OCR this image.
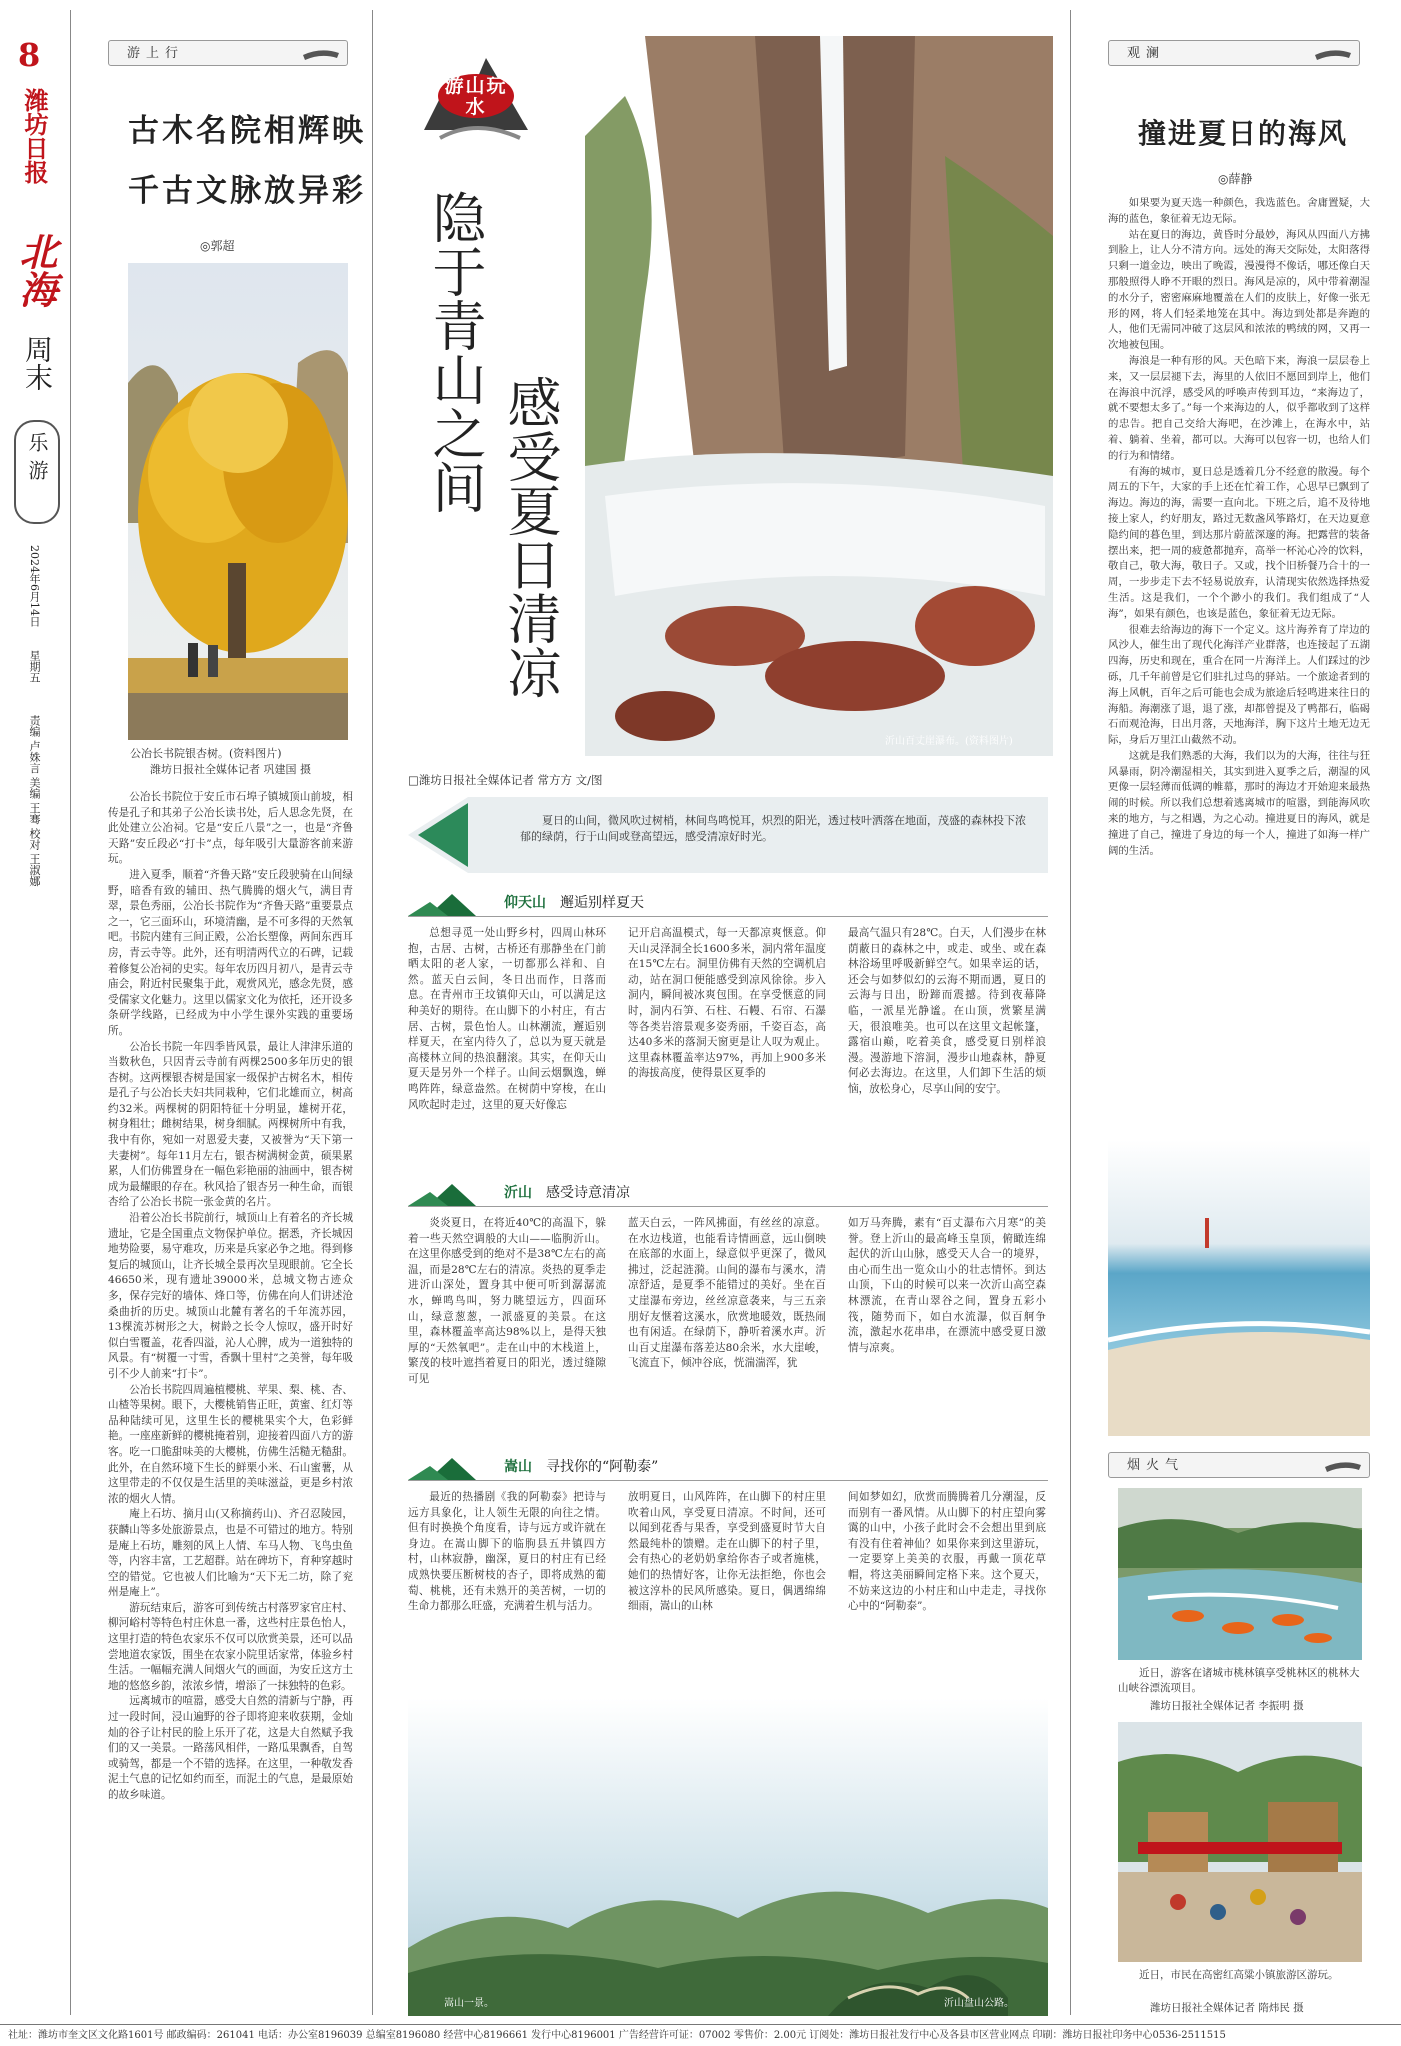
8
潍坊日报
北海
周末
乐游
2024年6月14日
星期五
责编 卢姝言 美编 王骞 校对 王淑娜
游上行
古木名院相辉映
千古文脉放异彩
◎郭超
公冶长书院银杏树。(资料图片)
潍坊日报社全媒体记者 巩建国 摄

公冶长书院位于安丘市石埠子镇城顶山前坡，相传是孔子和其弟子公冶长读书处，后人思念先贤，在此处建立公冶祠。它是“安丘八景”之一，也是“齐鲁天路”安丘段必“打卡”点，每年吸引大量游客前来游玩。

进入夏季，顺着“齐鲁天路”安丘段驶骑在山间绿野，暗香有致的辅田、热气腾腾的烟火气，满目青翠，景色秀丽，公冶长书院作为“齐鲁天路”重要景点之一，它三面环山，环境清幽，是不可多得的天然氧吧。书院内建有三间正殿，公冶长塑像，两间东西耳房，青云寺等。此外，还有明清两代立的石碑，记载着修复公冶祠的史实。每年农历四月初八，是青云寺庙会，附近村民聚集于此，观赏风光，感念先贤，感受儒家文化魅力。这里以儒家文化为依托，还开设多条研学线路，已经成为中小学生课外实践的重要场所。

公冶长书院一年四季皆风景，最让人津津乐道的当数秋色，只因青云寺前有两棵2500多年历史的银杏树。这两棵银杏树是国家一级保护古树名木，相传是孔子与公冶长夫妇共同栽种，它们北雄而立，树高约32米。两棵树的阴阳特征十分明显，雄树开花，树身粗壮；雌树结果，树身细腻。两棵树所中有我，我中有你，宛如一对恩爱夫妻，又被誉为“天下第一夫妻树”。每年11月左右，银杏树满树金黄，硕果累累，人们仿佛置身在一幅色彩艳丽的油画中，银杏树成为最耀眼的存在。秋风拾了银杏另一种生命，而银杏给了公冶长书院一张金黄的名片。

沿着公冶长书院前行，城顶山上有着名的齐长城遗址，它是全国重点文物保护单位。据悉，齐长城因地势险要，易守难攻，历来是兵家必争之地。得到修复后的城顶山，让齐长城全景再次呈现眼前。它全长46650米，现有遗址39000米，总城文物古迹众多，保存完好的墙体、烽口等，仿佛在向人们讲述沧桑曲折的历史。城顶山北麓有著名的千年流苏园，13棵流苏树形之大，树龄之长令人惊叹，盛开时好似白雪覆盖，花香四溢，沁人心脾，成为一道独特的风景。有“树覆一寸雪，香飘十里村”之美誉，每年吸引不少人前来“打卡”。

公冶长书院四周遍植樱桃、苹果、梨、桃、杏、山楂等果树。眼下，大樱桃销售正旺，黄蜜、红灯等品种陆续可见，这里生长的樱桃果实个大，色彩鲜艳。一座座新鲜的樱桃掩着别，迎接着四面八方的游客。吃一口脆甜味美的大樱桃，仿佛生活糙无糙甜。此外，在自然环境下生长的鲜栗小米、石山蜜薯，从这里带走的不仅仅是生活里的美味滋益，更是乡村浓浓的烟火人情。

庵上石坊、摘月山(又称摘药山)、齐召忍陵园，获麟山等多处旅游景点，也是不可错过的地方。特别是庵上石坊，雕刻的风上人情、车马人物、飞鸟虫鱼等，内容丰富，工艺超群。站在碑坊下，育种穿越时空的错觉。它也被人们比喻为“天下无二坊，除了兖州是庵上”。

游玩结束后，游客可到传统古村落罗家官庄村、柳河峪村等特色村庄休息一番，这些村庄景色怡人，这里打造的特色农家乐不仅可以欣赏美景，还可以品尝地道农家饭，围坐在农家小院里话家常，体验乡村生活。一幅幅充满人间烟火气的画面，为安丘这方土地的悠悠乡韵，浓浓乡情，增添了一抹独特的色彩。

远离城市的喧嚣，感受大自然的清新与宁静，再过一段时间，浸山遍野的谷子即将迎来收获期，金灿灿的谷子让村民的脸上乐开了花，这是大自然赋予我们的又一美景。一路荡风相伴，一路瓜果飘香，自驾或骑驾，都是一个不错的选择。在这里，一种敬发香泥土气息的记忆如约而至，而泥土的气息，是最原始的故乡味道。

游山玩水
隐于青山之间
感受夏日清凉
沂山百丈崖瀑布。(资料图片)
□潍坊日报社全媒体记者 常方方 文/图
夏日的山间，微风吹过树梢，林间鸟鸣悦耳，炽烈的阳光，透过枝叶洒落在地面，茂盛的森林投下浓郁的绿荫，行于山间或登高望远，感受清凉好时光。
仰天山 邂逅别样夏天
总想寻觅一处山野乡村，四周山林环抱，古居、古树，古桥还有那静坐在门前晒太阳的老人家，一切都那么祥和、自然。蓝天白云间，冬日出而作，日落而息。在青州市王坟镇仰天山，可以满足这种美好的期待。在山脚下的小村庄，有古居、古树，景色怡人。山林潮流，邂逅别样夏天，在室内待久了，总以为夏天就是高楼林立间的热浪翻滚。其实，在仰天山夏天是另外一个样子。山间云烟飘逸，蝉鸣阵阵，绿意盎然。在树荫中穿梭，在山风吹起时走过，这里的夏天好像忘
记开启高温模式，每一天都凉爽惬意。仰天山灵泽洞全长1600多米，洞内常年温度在15℃左右。洞里仿佛有天然的空调机启动，站在洞口便能感受到凉风徐徐。步入洞内，瞬间被冰爽包围。在享受惬意的同时，洞内石笋、石柱、石幔、石帘、石瀑等各类岩溶景观多姿秀丽，千姿百态，高达40多米的落洞天窗更是让人叹为观止。这里森林覆盖率达97%，再加上900多米的海拔高度，使得景区夏季的
最高气温只有28℃。白天，人们漫步在林荫蔽日的森林之中，或走、或坐、或在森林浴场里呼吸新鲜空气。如果幸运的话，还会与如梦似幻的云海不期而遇，夏日的云海与日出，盼蹄而震撼。待到夜幕降临，一派星光静谧。在山顶，赏繁星满天，很浪唯美。也可以在这里文起帐篷，露宿山巅，吃着美食，感受夏日别样浪漫。漫游地下溶洞，漫步山地森林，静夏何必去海边。在这里，人们卸下生活的烦恼，放松身心，尽享山间的安宁。
沂山 感受诗意清凉
炎炎夏日，在将近40℃的高温下，躲着一些天然空调般的大山——临朐沂山。在这里你感受到的绝对不是38℃左右的高温，而是28℃左右的清凉。炎热的夏季走进沂山深处，置身其中便可听到潺潺流水，蝉鸣鸟叫，努力眺望远方，四面环山，绿意葱葱，一派盛夏的美景。在这里，森林覆盖率高达98%以上，是得天独厚的“天然氧吧”。走在山中的木栈道上，繁茂的枝叶遮挡着夏日的阳光，透过缝隙可见
蓝天白云，一阵风拂面，有丝丝的凉意。在水边栈道，也能看诗情画意，远山倒映在底部的水面上，绿意似乎更深了，微风拂过，泛起涟漪。山间的瀑布与溪水，清凉舒适，是夏季不能错过的美好。坐在百丈崖瀑布旁边，丝丝凉意袭来，与三五亲朋好友惬着这溪水，欣赏地暖效，既热闹也有闲适。在绿荫下，静听着溪水声。沂山百丈崖瀑布落差达80余米，水大崖峻，飞流直下，倾冲谷底，恍湍湍浑，犹
如万马奔腾，素有“百丈瀑布六月寒”的美誉。登上沂山的最高峰玉皇顶，俯瞰连绵起伏的沂山山脉，感受天人合一的境界，由心而生出一览众山小的壮志情怀。到达山顶，下山的时候可以来一次沂山高空森林漂流，在青山翠谷之间，置身五彩小筏，随势而下，如白水流瀑，似百舸争流，激起水花串串，在漂流中感受夏日激情与凉爽。
嵩山 寻找你的“阿勒泰”
最近的热播剧《我的阿勒泰》把诗与远方具象化，让人领生无限的向往之情。但有时换换个角度看，诗与远方或许就在身边。在嵩山脚下的临朐县五井镇四方村，山林寂静，幽深，夏日的村庄有已经成熟快要压断树枝的杏子，即将成熟的葡萄、桃桃，还有未熟开的美苦树，一切的生命力都那么旺盛，充满着生机与活力。
放明夏日，山风阵阵，在山脚下的村庄里吹着山风，享受夏日清凉。不时间，还可以闻到花香与果香，享受到盛夏时节大自然最纯朴的馈赠。走在山脚下的村子里，会有热心的老奶奶拿给你杏子或者施桃，她们的热情好客，让你无法拒绝，你也会被这淳朴的民风所感染。夏日，偶遇绵绵细雨，嵩山的山林
间如梦如幻，欣赏而腾腾着几分潮湿，反而别有一番风情。从山脚下的村庄望向雾霭的山中，小孩子此时会不会想出里到底有没有住着神仙？如果你来到这里游玩，一定要穿上美美的衣服，再戴一顶花草帽，将这美丽瞬间定格下来。这个夏天，不妨来这边的小村庄和山中走走，寻找你心中的“阿勒泰”。
嵩山一景。	沂山盘山公路。
观澜
撞进夏日的海风
◎薛静

如果要为夏天选一种颜色，我选蓝色。舍庸置疑，大海的蓝色，象征着无边无际。

站在夏日的海边，黄昏时分最妙，海风从四面八方拂到脸上，让人分不清方向。远处的海天交际处，太阳落得只剩一道金边，映出了晚霞，漫漫得不像话，哪还像白天那般照得人睁不开眼的烈日。海风是凉的，风中带着潮湿的水分子，密密麻麻地覆盖在人们的皮肤上，好像一张无形的网，将人们轻柔地笼在其中。海边到处都是奔跑的人，他们无需同冲破了这层风和浓浓的鸭绒的网，又再一次地被包围。

海浪是一种有形的风。天色暗下来，海浪一层层卷上来，又一层层褪下去，海里的人依旧不愿回到岸上，他们在海浪中沉浮，感受风的呼唤声传到耳边，“来海边了，就不要想太多了。”每一个来海边的人，似乎都收到了这样的忠告。把自己交给大海吧，在沙滩上，在海水中，站着、躺着、坐着，都可以。大海可以包容一切，也给人们的行为和情绪。

有海的城市，夏日总是透着几分不经意的散漫。每个周五的下午，大家的手上还在忙着工作，心思早已飘到了海边。海边的海，需要一直向北。下班之后，追不及待地接上家人，约好朋友，路过无数盏风筝路灯，在天边夏意隐约间的暮色里，到达那片蔚蓝深邃的海。把露营的装备摆出来，把一周的疲惫都抛弃，高举一杯沁心冷的饮料，敬自己，敬大海，敬日子。又或，找个旧桥餐乃合十的一周，一步步走下去不轻易说放弃，认清现实依然选择热爱生活。这是我们，一个个渺小的我们。我们组成了“人海”，如果有颜色，也该是蓝色，象征着无边无际。

很难去给海边的海下一个定义。这片海养育了岸边的风沙人，催生出了现代化海洋产业群落，也连接起了五湖四海，历史和现在，重合在同一片海洋上。人们踩过的沙砾，几千年前曾是它们驻扎过鸟的驿站。一个旅途者到的海上风帆，百年之后可能也会成为旅途后轻鸣进来往日的海船。海潮涨了退，退了涨，却都曾提及了鸭都石，临碣石而观沧海，日出月落，天地海洋，胸下这片土地无边无际，身后万里江山截然不动。

这就是我们熟悉的大海，我们以为的大海，往往与狂风暴雨，阴冷潮湿相关，其实到进入夏季之后，潮湿的风更像一层轻薄而低调的帷幕，那时的海边才开始迎来最热闹的时候。所以我们总想着逃离城市的喧嚣，到能海风吹来的地方，与之相遇，为之心动。撞进夏日的海风，就是撞进了自己，撞进了身边的每一个人，撞进了如海一样广阔的生活。

烟火气
近日，游客在诸城市桃林镇享受桃林区的桃林大山峡谷漂流项目。
潍坊日报社全媒体记者 李振明 摄
近日，市民在高密红高粱小镇旅游区游玩。
潍坊日报社全媒体记者 隋炜民 摄
社址：潍坊市奎文区文化路1601号 邮政编码：261041 电话：办公室8196039 总编室8196080 经营中心8196661 发行中心8196001 广告经营许可证：07002 零售价：2.00元 订阅处：潍坊日报社发行中心及各县市区营业网点 印刷：潍坊日报社印务中心0536-2511515
